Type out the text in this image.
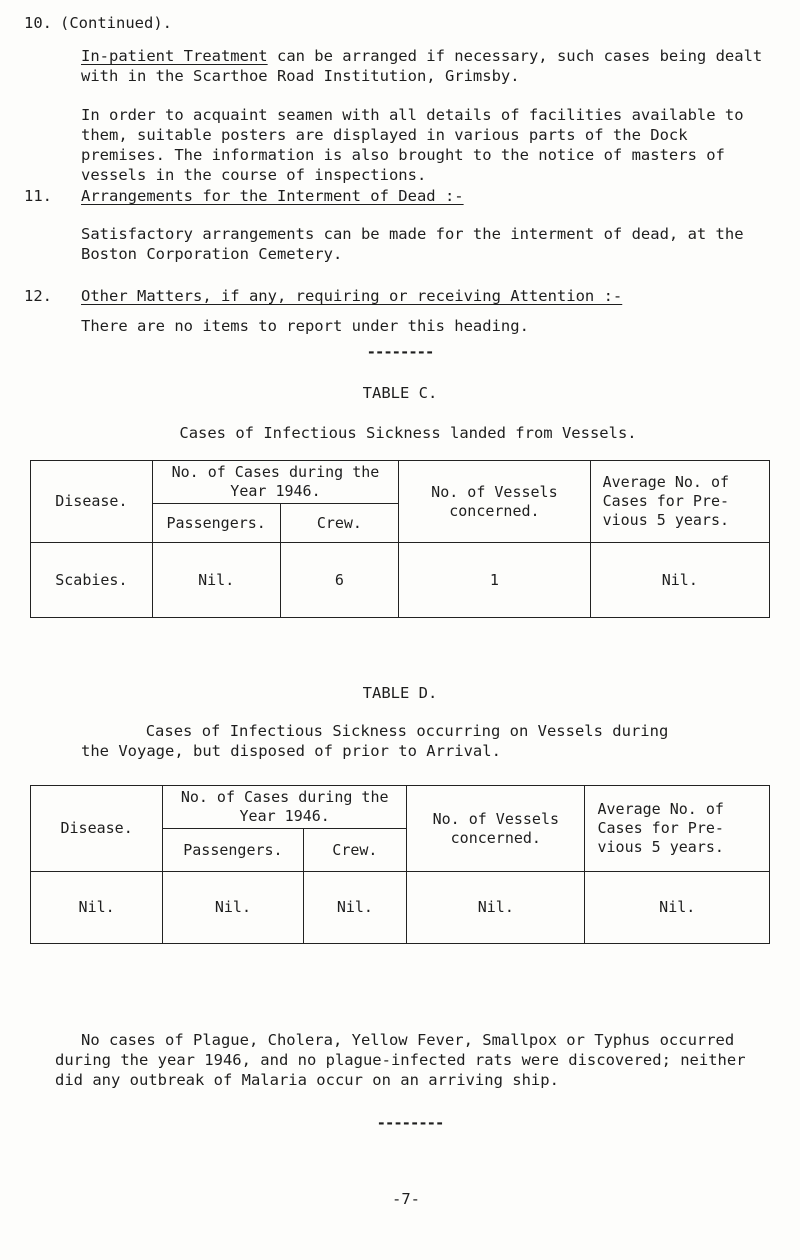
10. (Continued).
In-patient Treatment can be arranged if necessary, such cases being dealt with in the Scarthoe Road Institution, Grimsby.
In order to acquaint seamen with all details of facilities available to them, suitable posters are displayed in various parts of the Dock premises. The information is also brought to the notice of masters of vessels in the course of inspections.
11. Arrangements for the Interment of Dead :-
Satisfactory arrangements can be made for the interment of dead, at the Boston Corporation Cemetery.
12. Other Matters, if any, requiring or receiving Attention :-
There are no items to report under this heading.
--------
TABLE C.
Cases of Infectious Sickness landed from Vessels.
Disease.	No. of Cases during the Year 1946.		No. of Vessels concerned.	Average No. of Cases for Pre-vious 5 years.
	Passengers.	Crew.		
Scabies.	Nil.	6	1	Nil.
TABLE D.
Cases of Infectious Sickness occurring on Vessels during
the Voyage, but disposed of prior to Arrival.
Disease.	No. of Cases during the Year 1946.		No. of Vessels concerned.	Average No. of Cases for Pre-vious 5 years.
	Passengers.	Crew.		
Nil.	Nil.	Nil.	Nil.	Nil.
No cases of Plague, Cholera, Yellow Fever, Smallpox or Typhus occurred during the year 1946, and no plague-infected rats were discovered; neither did any outbreak of Malaria occur on an arriving ship.
--------
-7-
